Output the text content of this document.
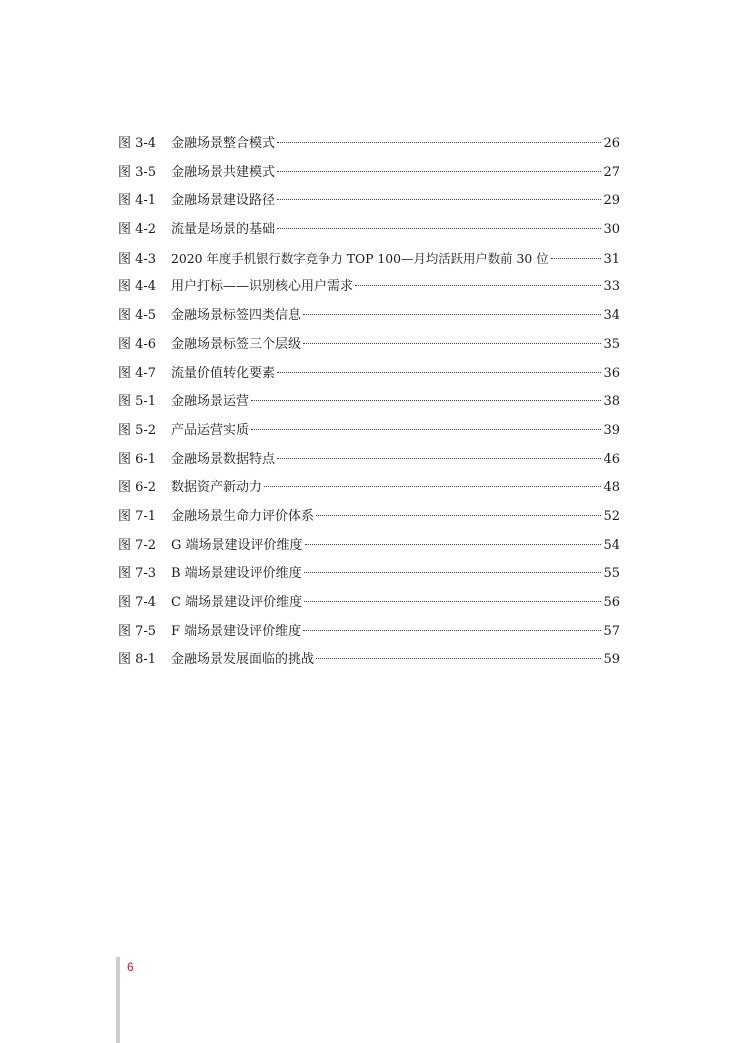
图 3-4	金融场景整合模式	26
图 3-5	金融场景共建模式	27
图 4-1	金融场景建设路径	29
图 4-2	流量是场景的基础	30
图 4-3	2020 年度手机银行数字竞争力 TOP 100—月均活跃用户数前 30 位	31
图 4-4	用户打标——识别核心用户需求	33
图 4-5	金融场景标签四类信息	34
图 4-6	金融场景标签三个层级	35
图 4-7	流量价值转化要素	36
图 5-1	金融场景运营	38
图 5-2	产品运营实质	39
图 6-1	金融场景数据特点	46
图 6-2	数据资产新动力	48
图 7-1	金融场景生命力评价体系	52
图 7-2	G 端场景建设评价维度	54
图 7-3	B 端场景建设评价维度	55
图 7-4	C 端场景建设评价维度	56
图 7-5	F 端场景建设评价维度	57
图 8-1	金融场景发展面临的挑战	59
6
